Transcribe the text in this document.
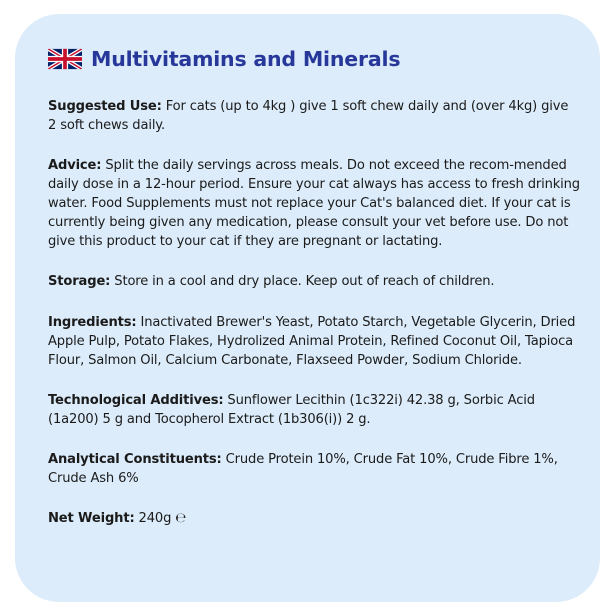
Multivitamins and Minerals

Suggested Use: For cats (up to 4kg ) give 1 soft chew daily and (over 4kg) give 2 soft chews daily.

Advice: Split the daily servings across meals. Do not exceed the recom-mended daily dose in a 12-hour period. Ensure your cat always has access to fresh drinking water. Food Supplements must not replace your Cat's balanced diet. If your cat is currently being given any medication, please consult your vet before use. Do not give this product to your cat if they are pregnant or lactating.

Storage: Store in a cool and dry place. Keep out of reach of children.

Ingredients: Inactivated Brewer's Yeast, Potato Starch, Vegetable Glycerin, Dried Apple Pulp, Potato Flakes, Hydrolized Animal Protein, Refined Coconut Oil, Tapioca Flour, Salmon Oil, Calcium Carbonate, Flaxseed Powder, Sodium Chloride.

Technological Additives: Sunflower Lecithin (1c322i) 42.38 g, Sorbic Acid (1a200) 5 g and Tocopherol Extract (1b306(i)) 2 g.

Analytical Constituents: Crude Protein 10%, Crude Fat 10%, Crude Fibre 1%, Crude Ash 6%

Net Weight: 240g ℮
